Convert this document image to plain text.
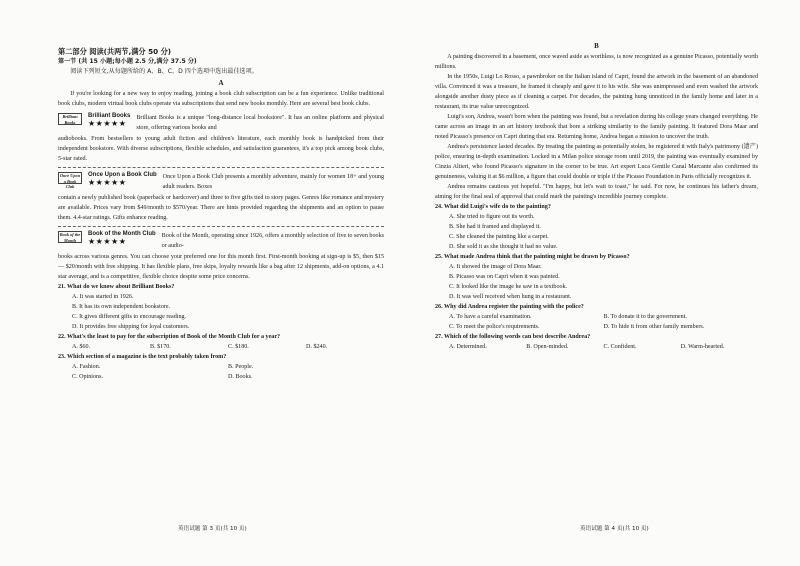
第二部分 阅读(共两节,满分 50 分)

第一节 (共 15 小题;每小题 2.5 分,满分 37.5 分)

阅读下列短文,从每题所给的 A、B、C、D 四个选项中选出最佳选项。

A

If you're looking for a new way to enjoy reading, joining a book club subscription can be a fun experience. Unlike traditional book clubs, modern virtual book clubs operate via subscriptions that send new books monthly. Here are several best book clubs.

Brilliant Books
Brilliant Books
★★★★★

Brilliant Books is a unique "long-distance local bookstore". It has an online platform and physical store, offering various books and

audiobooks. From bestsellers to young adult fiction and children's literature, each monthly book is handpicked from their independent bookstore. With diverse subscriptions, flexible schedules, and satisfaction guarantees, it's a top pick among book clubs, 5-star rated.

Once Upon a Book Club
Once Upon a Book Club
★★★★★

Once Upon a Book Club presents a monthly adventure, mainly for women 18+ and young adult readers. Boxes

contain a newly published book (paperback or hardcover) and three to five gifts tied to story pages. Genres like romance and mystery are available. Prices vary from $49/month to $570/year. There are hints provided regarding the shipments and an option to pause them. 4.4-star ratings. Gifts enhance reading.

Book of the Month
Book of the Month Club
★★★★★

Book of the Month, operating since 1926, offers a monthly selection of five to seven books or audio-

books across various genres. You can choose your preferred one for this month first. First-month booking at sign-up is $5, then $15 — $20/month with free shipping. It has flexible plans, free skips, loyalty rewards like a bag after 12 shipments, add-on options, a 4.1 star average, and is a competitive, flexible choice despite some price concerns.

21. What do we know about Brilliant Books?

A. It was started in 1926.

B. It has its own independent bookstore.

C. It gives different gifts to encourage reading.

D. It provides free shipping for loyal customers.

22. What's the least to pay for the subscription of Book of the Month Club for a year?

A. $60.	B. $170.	C. $180.	D. $240.

23. Which section of a magazine is the text probably taken from?

A. Fashion.	B. People.
C. Opinions.	D. Books.
英语试题 第 3 页(共 10 页)

B

A painting discovered in a basement, once waved aside as worthless, is now recognized as a genuine Picasso, potentially worth millions.

In the 1950s, Luigi Lo Rosso, a pawnbroker on the Italian island of Capri, found the artwork in the basement of an abandoned villa. Convinced it was a treasure, he framed it cheaply and gave it to his wife. She was unimpressed and even washed the artwork alongside another dusty piece as if cleaning a carpet. For decades, the painting hung unnoticed in the family home and later in a restaurant, its true value unrecognized.

Luigi's son, Andrea, wasn't born when the painting was found, but a revelation during his college years changed everything. He came across an image in an art history textbook that bore a striking similarity to the family painting. It featured Dora Maar and noted Picasso's presence on Capri during that era. Returning home, Andrea began a mission to uncover the truth.

Andrea's persistence lasted decades. By treating the painting as potentially stolen, he registered it with Italy's patrimony (遗产) police, ensuring in-depth examination. Locked in a Milan police storage room until 2019, the painting was eventually examined by Cinzia Altieri, who found Picasso's signature in the corner to be true. Art expert Luca Gentile Canal Marcante also confirmed its genuineness, valuing it at $6 million, a figure that could double or triple if the Picasso Foundation in Paris officially recognizes it.

Andrea remains cautious yet hopeful. "I'm happy, but let's wait to toast," he said. For now, he continues his father's dream, aiming for the final seal of approval that could mark the painting's incredible journey complete.

24. What did Luigi's wife do to the painting?

A. She tried to figure out its worth.

B. She had it framed and displayed it.

C. She cleaned the painting like a carpet.

D. She sold it as she thought it had no value.

25. What made Andrea think that the painting might be drawn by Picasso?

A. It showed the image of Dora Maar.

B. Picasso was on Capri when it was painted.

C. It looked like the image he saw in a textbook.

D. It was well received when hung in a restaurant.

26. Why did Andrea register the painting with the police?

A. To have a careful examination.	B. To donate it to the government.
C. To meet the police's requirements.	D. To hide it from other family members.

27. Which of the following words can best describe Andrea?

A. Determined.	B. Open-minded.	C. Confident.	D. Warm-hearted.
英语试题 第 4 页(共 10 页)
